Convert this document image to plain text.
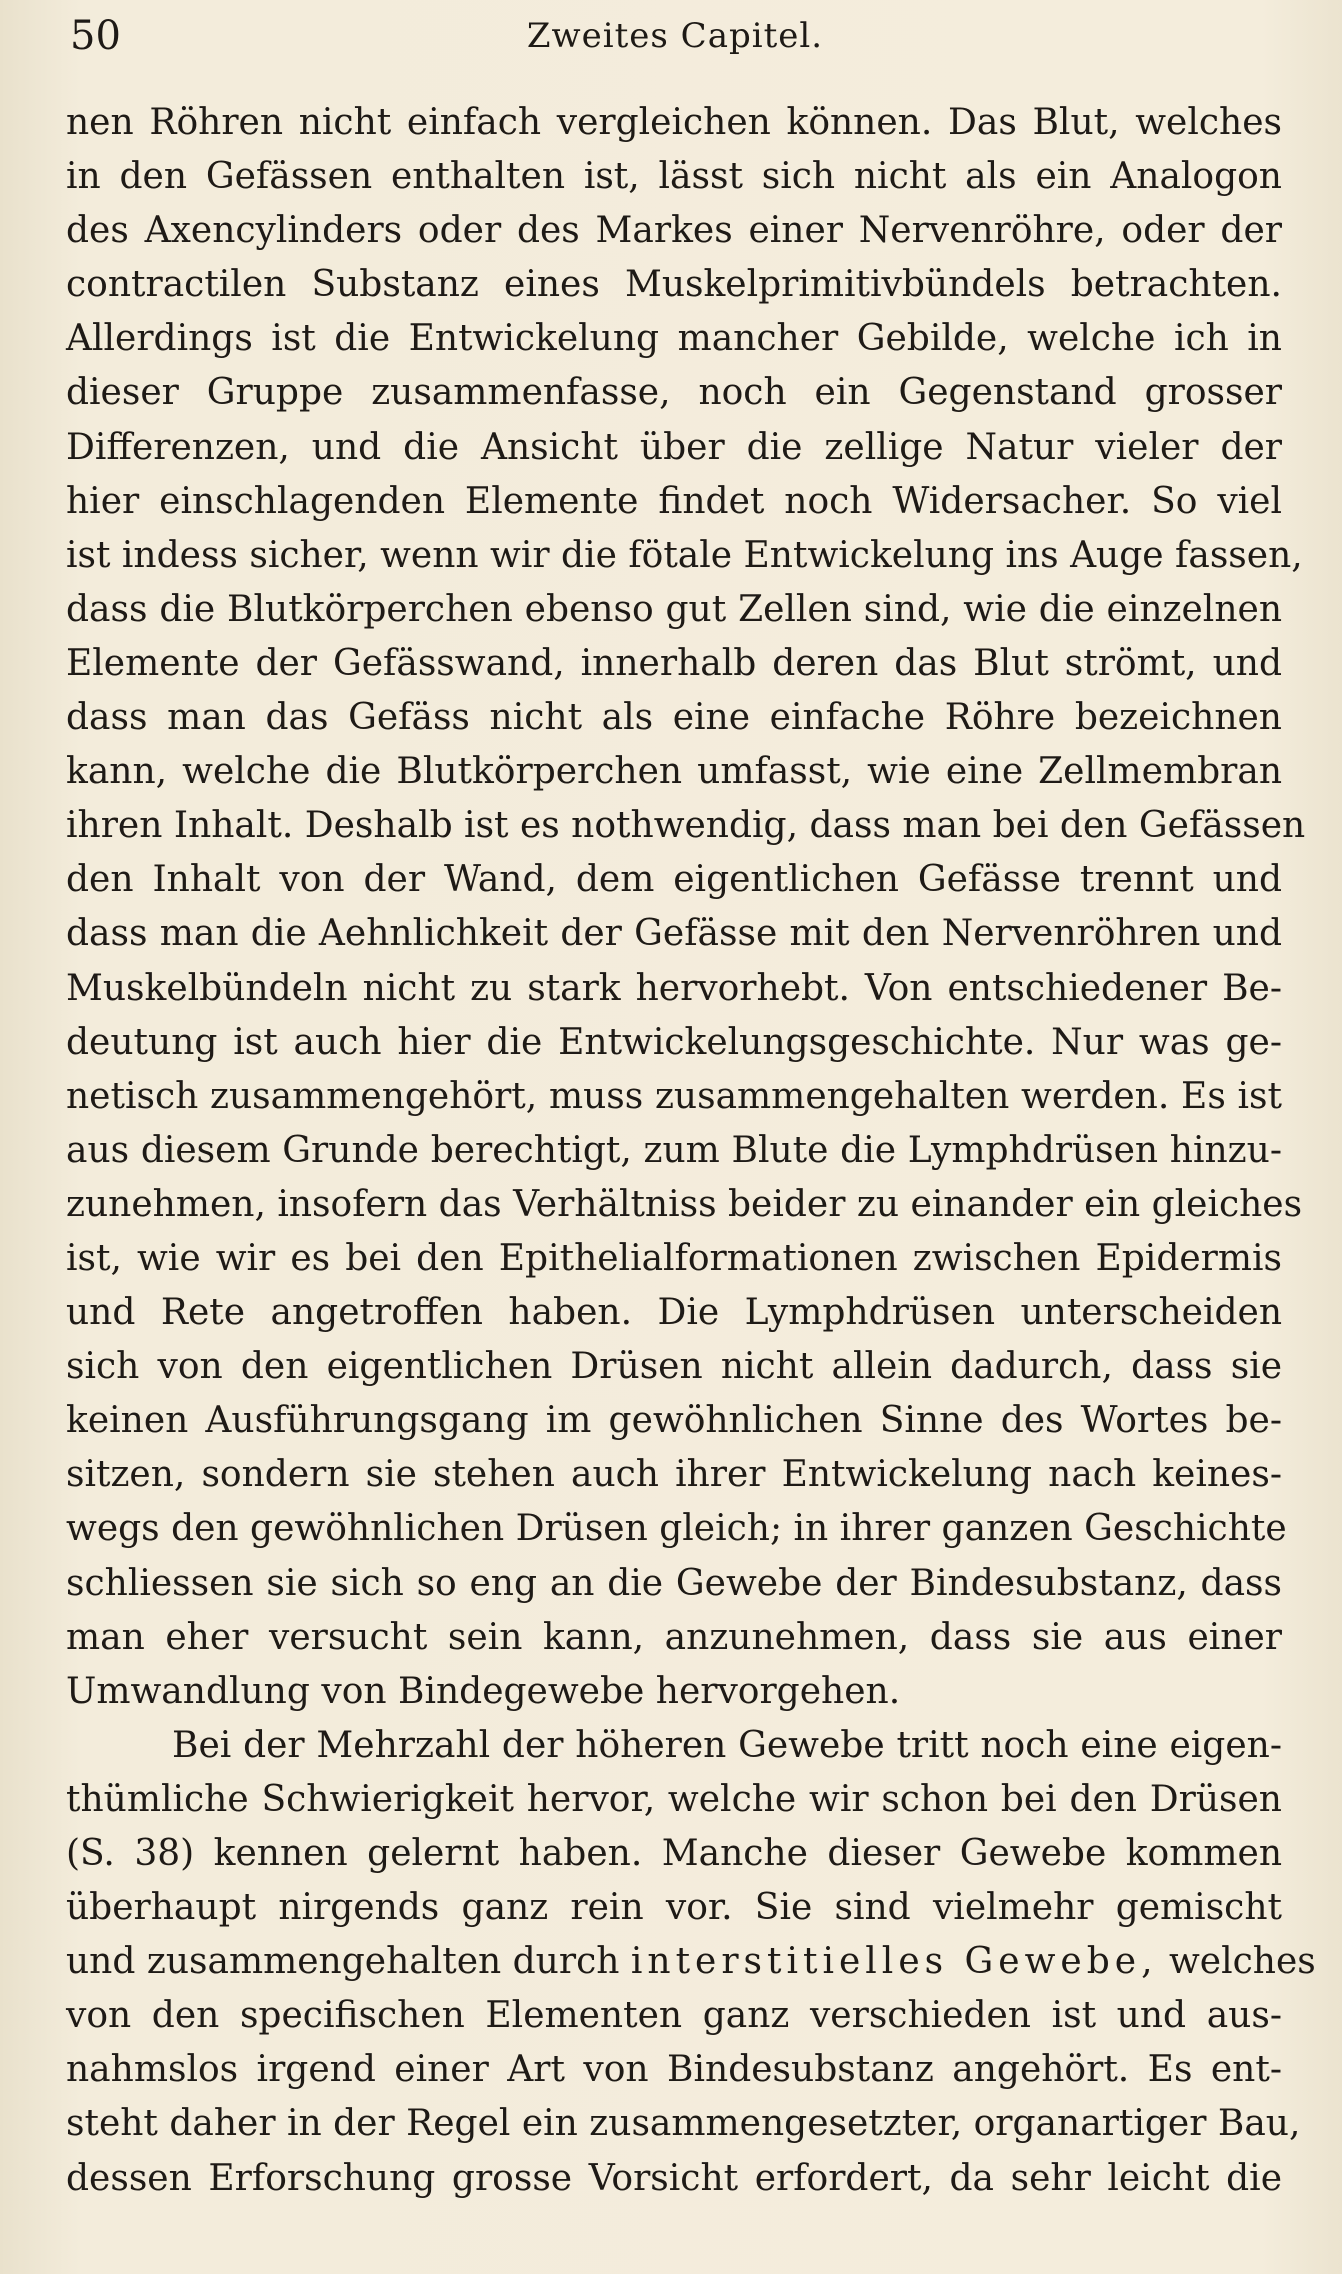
50	Zweites Capitel.
nen Röhren nicht einfach vergleichen können. Das Blut, welches
in den Gefässen enthalten ist, lässt sich nicht als ein Analogon
des Axencylinders oder des Markes einer Nervenröhre, oder der
contractilen Substanz eines Muskelprimitivbündels betrachten.
Allerdings ist die Entwickelung mancher Gebilde, welche ich in
dieser Gruppe zusammenfasse, noch ein Gegenstand grosser
Differenzen, und die Ansicht über die zellige Natur vieler der
hier einschlagenden Elemente findet noch Widersacher. So viel
ist indess sicher, wenn wir die fötale Entwickelung ins Auge fassen,
dass die Blutkörperchen ebenso gut Zellen sind, wie die einzelnen
Elemente der Gefässwand, innerhalb deren das Blut strömt, und
dass man das Gefäss nicht als eine einfache Röhre bezeichnen
kann, welche die Blutkörperchen umfasst, wie eine Zellmembran
ihren Inhalt. Deshalb ist es nothwendig, dass man bei den Gefässen
den Inhalt von der Wand, dem eigentlichen Gefässe trennt und
dass man die Aehnlichkeit der Gefässe mit den Nervenröhren und
Muskelbündeln nicht zu stark hervorhebt. Von entschiedener Be-
deutung ist auch hier die Entwickelungsgeschichte. Nur was ge-
netisch zusammengehört, muss zusammengehalten werden. Es ist
aus diesem Grunde berechtigt, zum Blute die Lymphdrüsen hinzu-
zunehmen, insofern das Verhältniss beider zu einander ein gleiches
ist, wie wir es bei den Epithelialformationen zwischen Epidermis
und Rete angetroffen haben. Die Lymphdrüsen unterscheiden
sich von den eigentlichen Drüsen nicht allein dadurch, dass sie
keinen Ausführungsgang im gewöhnlichen Sinne des Wortes be-
sitzen, sondern sie stehen auch ihrer Entwickelung nach keines-
wegs den gewöhnlichen Drüsen gleich; in ihrer ganzen Geschichte
schliessen sie sich so eng an die Gewebe der Bindesubstanz, dass
man eher versucht sein kann, anzunehmen, dass sie aus einer
Umwandlung von Bindegewebe hervorgehen.
Bei der Mehrzahl der höheren Gewebe tritt noch eine eigen-
thümliche Schwierigkeit hervor, welche wir schon bei den Drüsen
(S. 38) kennen gelernt haben. Manche dieser Gewebe kommen
überhaupt nirgends ganz rein vor. Sie sind vielmehr gemischt
und zusammengehalten durch interstitielles Gewebe, welches
von den specifischen Elementen ganz verschieden ist und aus-
nahmslos irgend einer Art von Bindesubstanz angehört. Es ent-
steht daher in der Regel ein zusammengesetzter, organartiger Bau,
dessen Erforschung grosse Vorsicht erfordert, da sehr leicht die
